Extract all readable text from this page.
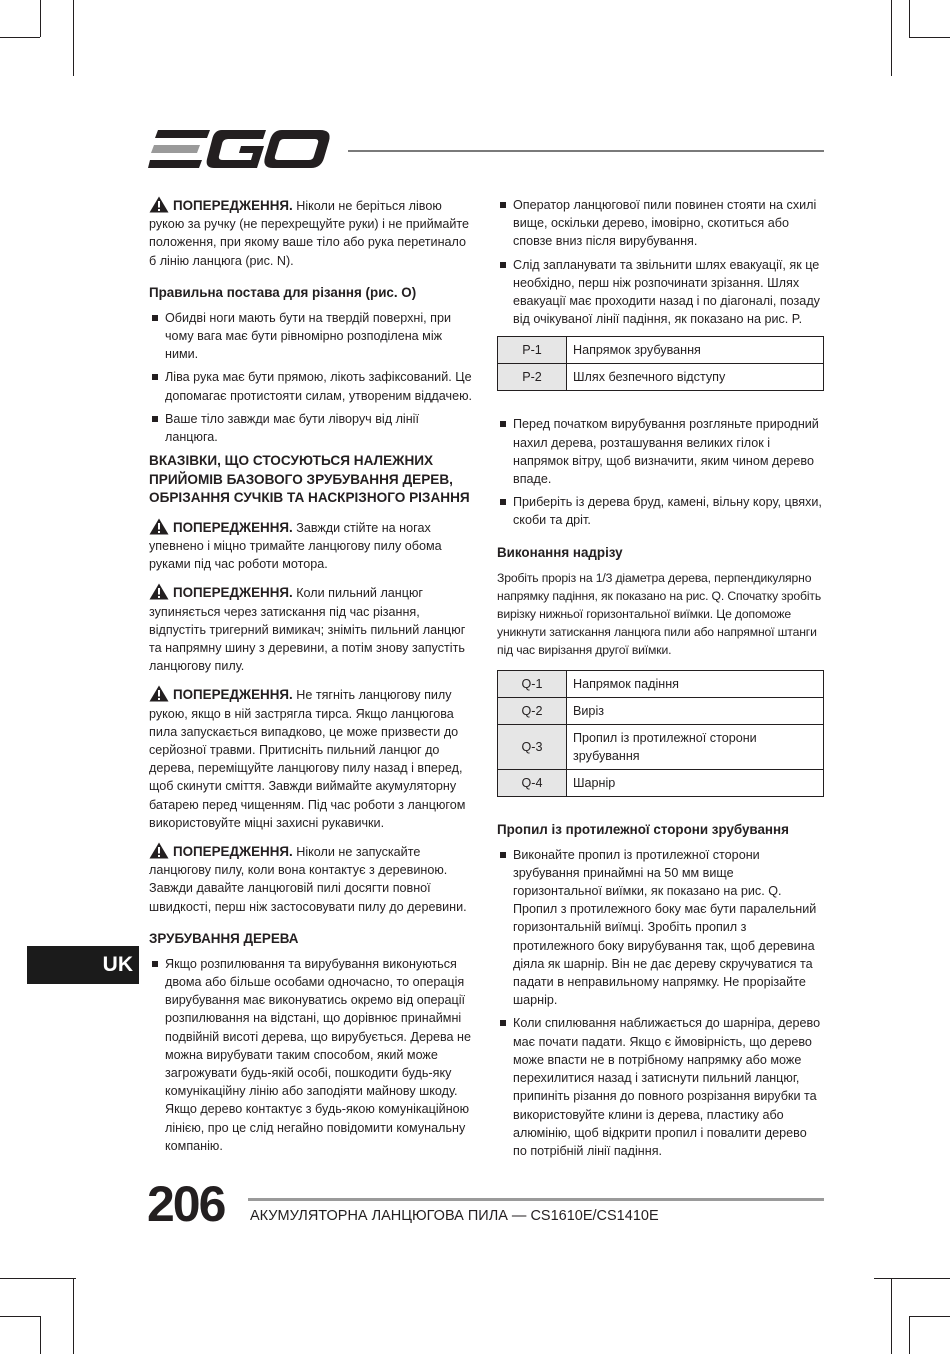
ПОПЕРЕДЖЕННЯ. Ніколи не беріться лівою рукою за ручку (не перехрещуйте руки) і не приймайте положення, при якому ваше тіло або рука перетинало б лінію ланцюга (рис. N).

Правильна постава для різання (рис. O)
Обидві ноги мають бути на твердій поверхні, при чому вага має бути рівномірно розподілена між ними.
Ліва рука має бути прямою, лікоть зафіксований. Це допомагає протистояти силам, утвореним віддачею.
Ваше тіло завжди має бути ліворуч від лінії ланцюга.
ВКАЗІВКИ, ЩО СТОСУЮТЬСЯ НАЛЕЖНИХ ПРИЙОМІВ БАЗОВОГО ЗРУБУВАННЯ ДЕРЕВ, ОБРІЗАННЯ СУЧКІВ ТА НАСКРІЗНОГО РІЗАННЯ

ПОПЕРЕДЖЕННЯ. Завжди стійте на ногах упевнено і міцно тримайте ланцюгову пилу обома руками під час роботи мотора.

ПОПЕРЕДЖЕННЯ. Коли пильний ланцюг зупиняється через затискання під час різання, відпустіть тригерний вимикач; зніміть пильний ланцюг та напрямну шину з деревини, а потім знову запустіть ланцюгову пилу.

ПОПЕРЕДЖЕННЯ. Не тягніть ланцюгову пилу рукою, якщо в ній застрягла тирса. Якщо ланцюгова пила запускається випадково, це може призвести до серйозної травми. Притисніть пильний ланцюг до дерева, переміщуйте ланцюгову пилу назад і вперед, щоб скинути сміття. Завжди виймайте акумуляторну батарею перед чищенням. Під час роботи з ланцюгом використовуйте міцні захисні рукавички.

ПОПЕРЕДЖЕННЯ. Ніколи не запускайте ланцюгову пилу, коли вона контактує з деревиною. Завжди давайте ланцюговій пилі досягти повної швидкості, перш ніж застосовувати пилу до деревини.

ЗРУБУВАННЯ ДЕРЕВА
Якщо розпилювання та вирубування виконуються двома або більше особами одночасно, то операція вирубування має виконуватись окремо від операції розпилювання на відстані, що дорівнює принаймні подвійній висоті дерева, що вирубується. Дерева не можна вирубувати таким способом, який може загрожувати будь-якій особі, пошкодити будь-яку комунікаційну лінію або заподіяти майнову шкоду. Якщо дерево контактує з будь-якою комунікаційною лінією, про це слід негайно повідомити комунальну компанію.
Оператор ланцюгової пили повинен стояти на схилі вище, оскільки дерево, імовірно, скотиться або сповзе вниз після вирубування.
Слід запланувати та звільнити шлях евакуації, як це необхідно, перш ніж розпочинати зрізання. Шлях евакуації має проходити назад і по діагоналі, позаду від очікуваної лінії падіння, як показано на рис. P.
P-1	Напрямок зрубування
P-2	Шлях безпечного відступу
Перед початком вирубування розгляньте природний нахил дерева, розташування великих гілок і напрямок вітру, щоб визначити, яким чином дерево впаде.
Приберіть із дерева бруд, камені, вільну кору, цвяхи, скоби та дріт.
Виконання надрізу

Зробіть проріз на 1/3 діаметра дерева, перпендикулярно напрямку падіння, як показано на рис. Q. Спочатку зробіть вирізку нижньої горизонтальної виїмки. Це допоможе уникнути затискання ланцюга пили або напрямної штанги під час вирізання другої виїмки.

Q-1	Напрямок падіння
Q-2	Виріз
Q-3	Пропил із протилежної сторони зрубування
Q-4	Шарнір
Пропил із протилежної сторони зрубування
Виконайте пропил із протилежної сторони зрубування принаймні на 50 мм вище горизонтальної виїмки, як показано на рис. Q. Пропил з протилежного боку має бути паралельний горизонтальній виїмці. Зробіть пропил з протилежного боку вирубування так, щоб деревина діяла як шарнір. Він не дає дереву скручуватися та падати в неправильному напрямку. Не прорізайте шарнір.
Коли спилювання наближається до шарніра, дерево має почати падати. Якщо є ймовірність, що дерево може впасти не в потрібному напрямку або може перехилитися назад і затиснути пильний ланцюг, припиніть різання до повного розрізання вирубки та використовуйте клини із дерева, пластику або алюмінію, щоб відкрити пропил і повалити дерево по потрібній лінії падіння.
UK
206 АКУМУЛЯТОРНА ЛАНЦЮГОВА ПИЛА — CS1610E/CS1410E
